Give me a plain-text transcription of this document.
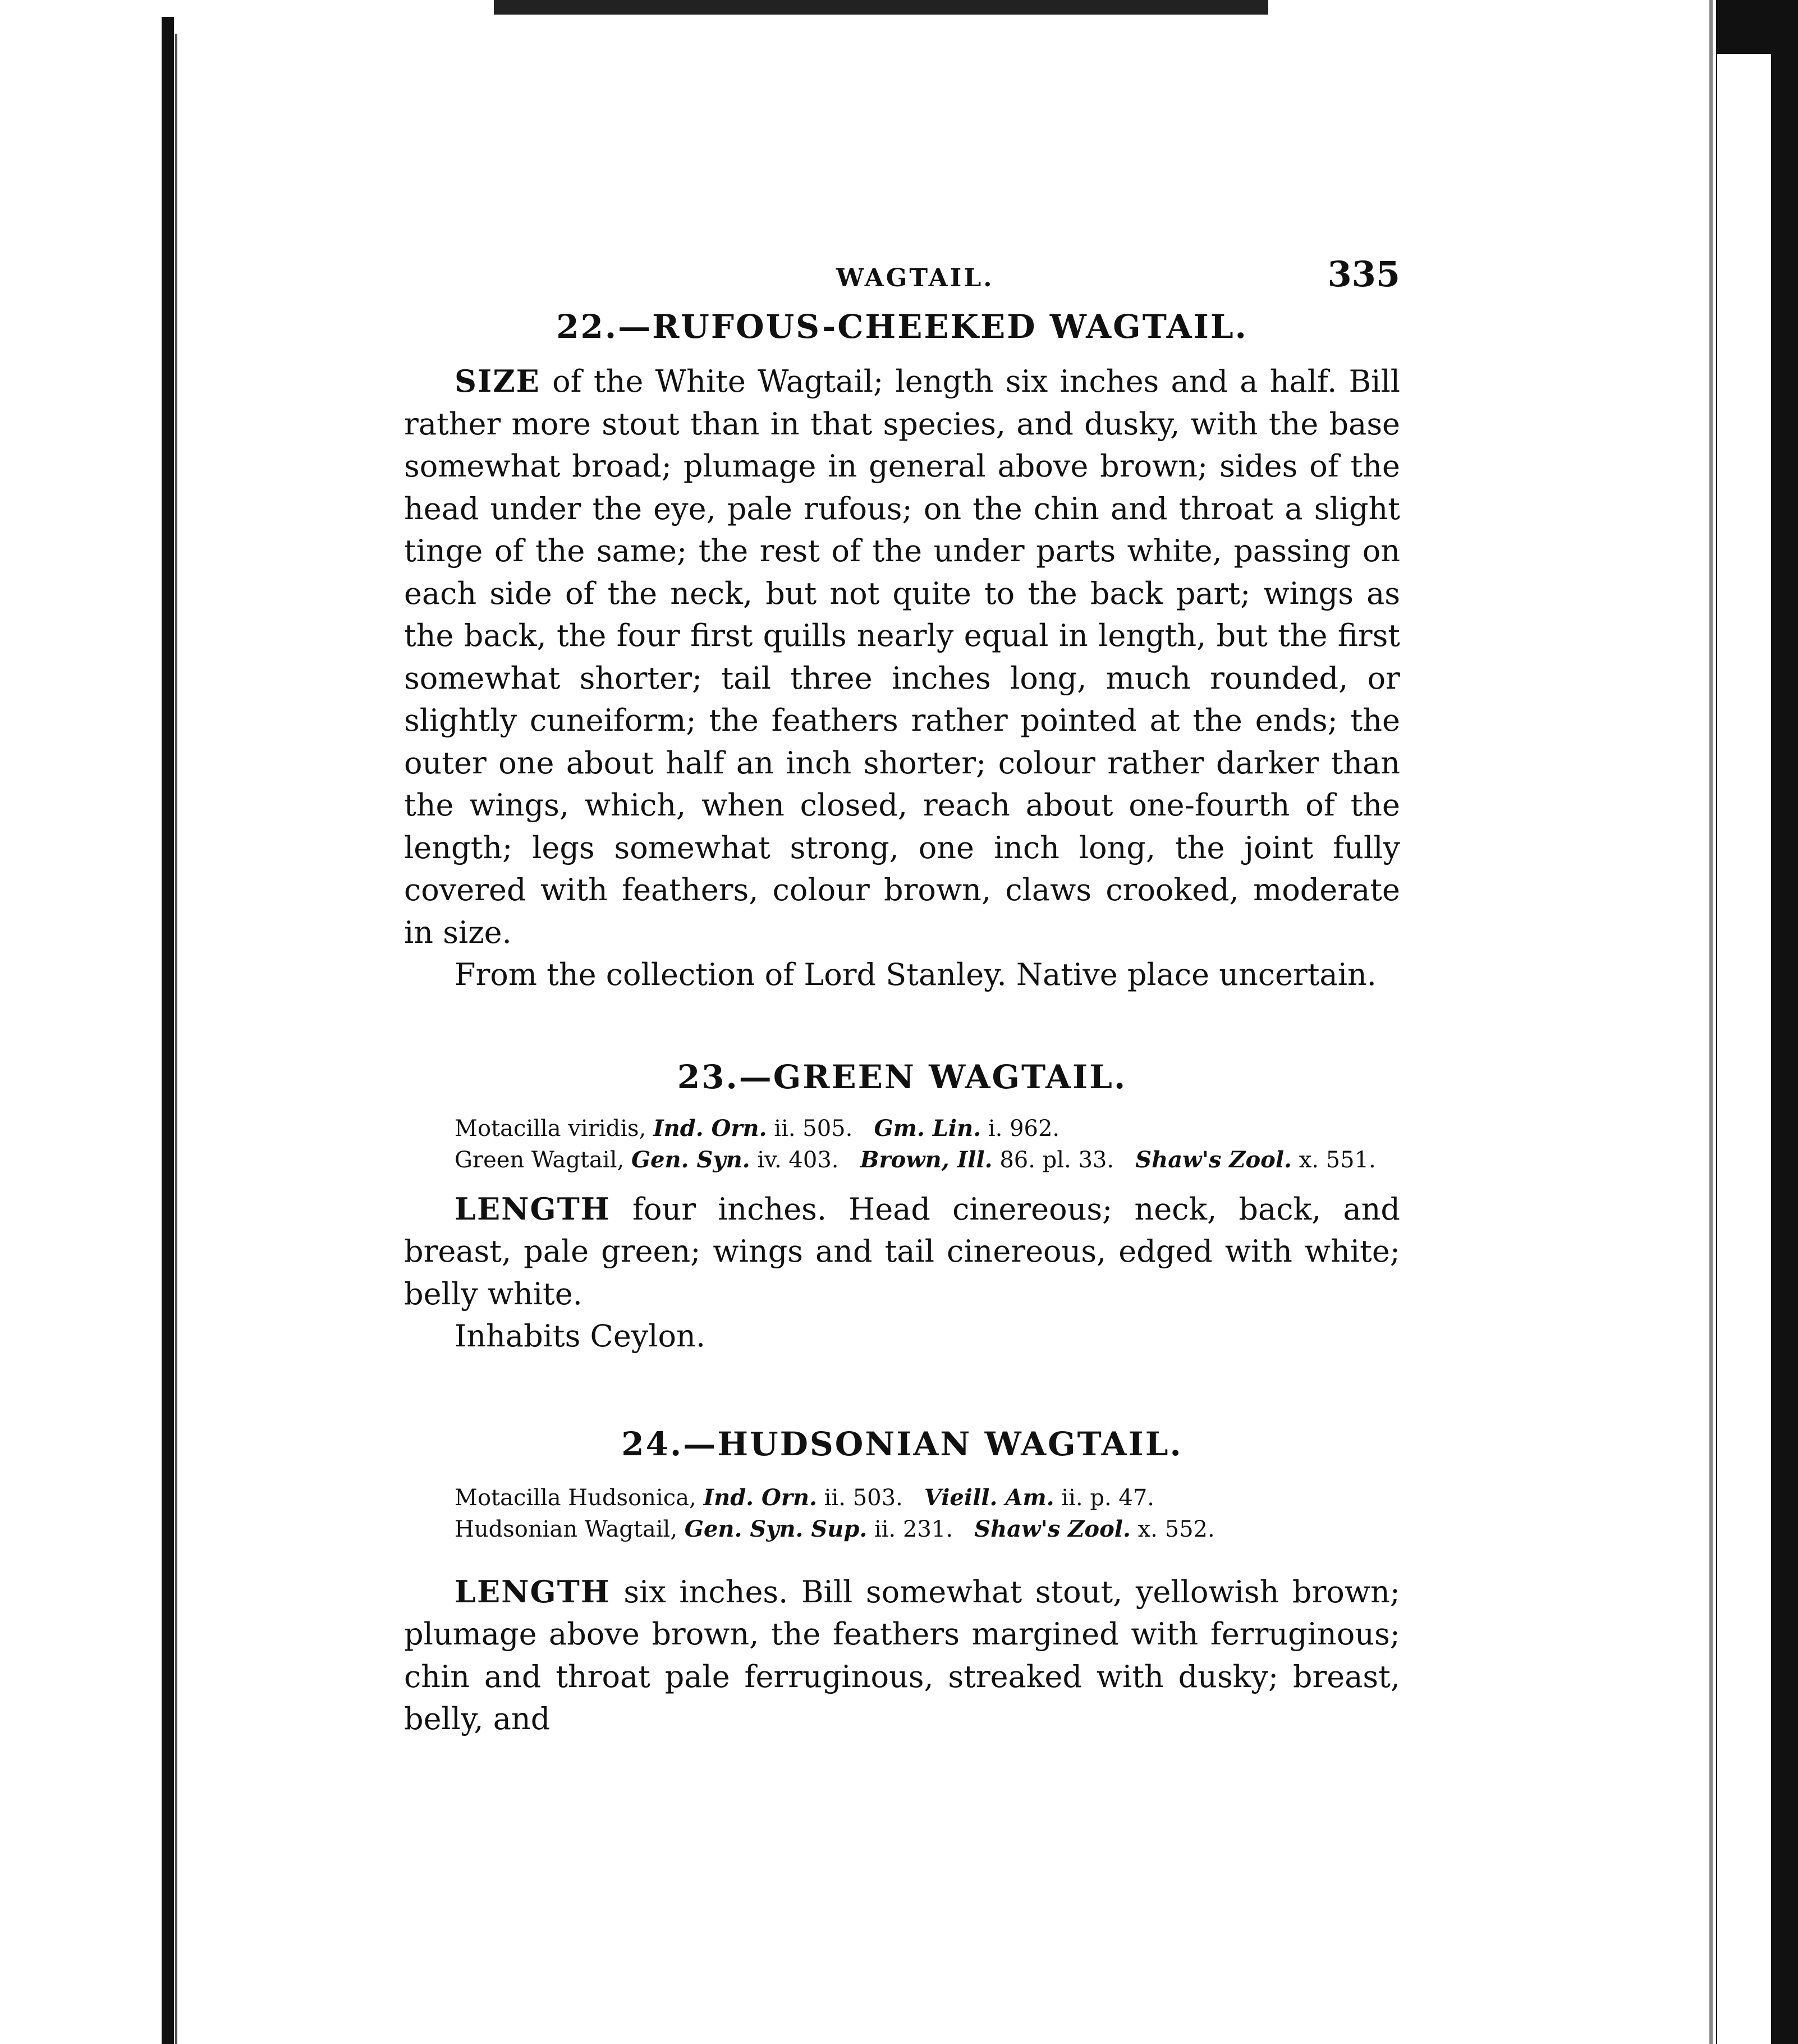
WAGTAIL.	335
22.—RUFOUS-CHEEKED WAGTAIL.

SIZE of the White Wagtail; length six inches and a half. Bill rather more stout than in that species, and dusky, with the base somewhat broad; plumage in general above brown; sides of the head under the eye, pale rufous; on the chin and throat a slight tinge of the same; the rest of the under parts white, passing on each side of the neck, but not quite to the back part; wings as the back, the four first quills nearly equal in length, but the first somewhat shorter; tail three inches long, much rounded, or slightly cuneiform; the feathers rather pointed at the ends; the outer one about half an inch shorter; colour rather darker than the wings, which, when closed, reach about one-fourth of the length; legs somewhat strong, one inch long, the joint fully covered with feathers, colour brown, claws crooked, moderate in size.

From the collection of Lord Stanley. Native place uncertain.

23.—GREEN WAGTAIL.

Motacilla viridis, Ind. Orn. ii. 505. Gm. Lin. i. 962.

Green Wagtail, Gen. Syn. iv. 403. Brown, Ill. 86. pl. 33. Shaw's Zool. x. 551.

LENGTH four inches. Head cinereous; neck, back, and breast, pale green; wings and tail cinereous, edged with white; belly white.

Inhabits Ceylon.

24.—HUDSONIAN WAGTAIL.

Motacilla Hudsonica, Ind. Orn. ii. 503. Vieill. Am. ii. p. 47.

Hudsonian Wagtail, Gen. Syn. Sup. ii. 231. Shaw's Zool. x. 552.

LENGTH six inches. Bill somewhat stout, yellowish brown; plumage above brown, the feathers margined with ferruginous; chin and throat pale ferruginous, streaked with dusky; breast, belly, and
